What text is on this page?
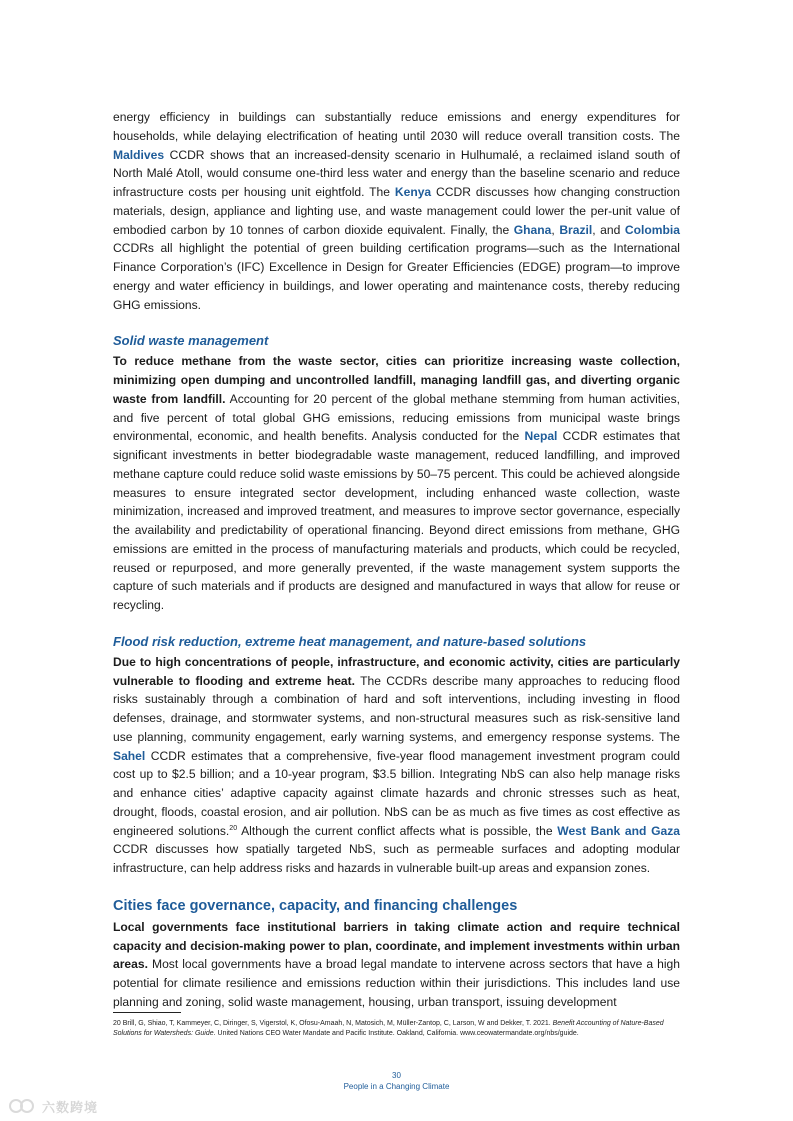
energy efficiency in buildings can substantially reduce emissions and energy expenditures for households, while delaying electrification of heating until 2030 will reduce overall transition costs. The Maldives CCDR shows that an increased-density scenario in Hulhumalé, a reclaimed island south of North Malé Atoll, would consume one-third less water and energy than the baseline scenario and reduce infrastructure costs per housing unit eightfold. The Kenya CCDR discusses how changing construction materials, design, appliance and lighting use, and waste management could lower the per-unit value of embodied carbon by 10 tonnes of carbon dioxide equivalent. Finally, the Ghana, Brazil, and Colombia CCDRs all highlight the potential of green building certification programs—such as the International Finance Corporation’s (IFC) Excellence in Design for Greater Efficiencies (EDGE) program—to improve energy and water efficiency in buildings, and lower operating and maintenance costs, thereby reducing GHG emissions.

Solid waste management

To reduce methane from the waste sector, cities can prioritize increasing waste collection, minimizing open dumping and uncontrolled landfill, managing landfill gas, and diverting organic waste from landfill. Accounting for 20 percent of the global methane stemming from human activities, and five percent of total global GHG emissions, reducing emissions from municipal waste brings environmental, economic, and health benefits. Analysis conducted for the Nepal CCDR estimates that significant investments in better biodegradable waste management, reduced landfilling, and improved methane capture could reduce solid waste emissions by 50–75 percent. This could be achieved alongside measures to ensure integrated sector development, including enhanced waste collection, waste minimization, increased and improved treatment, and measures to improve sector governance, especially the availability and predictability of operational financing. Beyond direct emissions from methane, GHG emissions are emitted in the process of manufacturing materials and products, which could be recycled, reused or repurposed, and more generally prevented, if the waste management system supports the capture of such materials and if products are designed and manufactured in ways that allow for reuse or recycling.

Flood risk reduction, extreme heat management, and nature-based solutions

Due to high concentrations of people, infrastructure, and economic activity, cities are particularly vulnerable to flooding and extreme heat. The CCDRs describe many approaches to reducing flood risks sustainably through a combination of hard and soft interventions, including investing in flood defenses, drainage, and stormwater systems, and non-structural measures such as risk-sensitive land use planning, community engagement, early warning systems, and emergency response systems. The Sahel CCDR estimates that a comprehensive, five-year flood management investment program could cost up to $2.5 billion; and a 10-year program, $3.5 billion. Integrating NbS can also help manage risks and enhance cities’ adaptive capacity against climate hazards and chronic stresses such as heat, drought, floods, coastal erosion, and air pollution. NbS can be as much as five times as cost effective as engineered solutions.$^{20}$ Although the current conflict affects what is possible, the West Bank and Gaza CCDR discusses how spatially targeted NbS, such as permeable surfaces and adopting modular infrastructure, can help address risks and hazards in vulnerable built-up areas and expansion zones.

Cities face governance, capacity, and financing challenges

Local governments face institutional barriers in taking climate action and require technical capacity and decision-making power to plan, coordinate, and implement investments within urban areas. Most local governments have a broad legal mandate to intervene across sectors that have a high potential for climate resilience and emissions reduction within their jurisdictions. This includes land use planning and zoning, solid waste management, housing, urban transport, issuing development

20 Brill, G, Shiao, T, Kammeyer, C, Diringer, S, Vigerstol, K, Ofosu-Amaah, N, Matosich, M, Müller-Zantop, C, Larson, W and Dekker, T. 2021. Benefit Accounting of Nature-Based Solutions for Watersheds: Guide. United Nations CEO Water Mandate and Pacific Institute. Oakland, California. www.ceowatermandate.org/nbs/guide.
30
People in a Changing Climate
六数跨境
